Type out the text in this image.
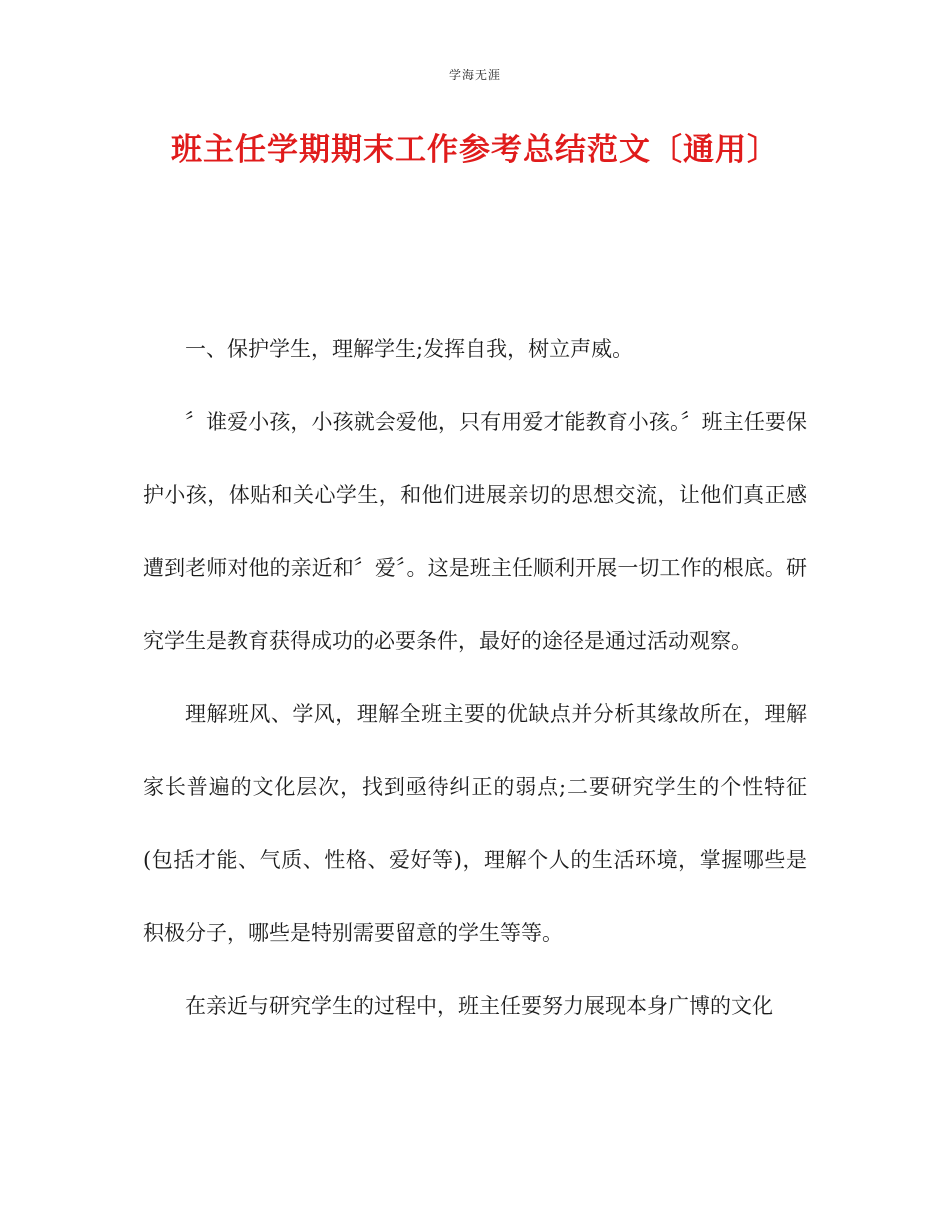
学海无涯
班主任学期期末工作参考总结范文〔通用〕

一、保护学生，理解学生;发挥自我，树立声威。

〞谁爱小孩，小孩就会爱他，只有用爱才能教育小孩。〞班主任要保护小孩，体贴和关心学生，和他们进展亲切的思想交流，让他们真正感遭到老师对他的亲近和〞爱〞。这是班主任顺利开展一切工作的根底。研究学生是教育获得成功的必要条件，最好的途径是通过活动观察。

理解班风、学风，理解全班主要的优缺点并分析其缘故所在，理解家长普遍的文化层次，找到亟待纠正的弱点;二要研究学生的个性特征(包括才能、气质、性格、爱好等)，理解个人的生活环境，掌握哪些是积极分子，哪些是特别需要留意的学生等等。

在亲近与研究学生的过程中，班主任要努力展现本身广博的文化
